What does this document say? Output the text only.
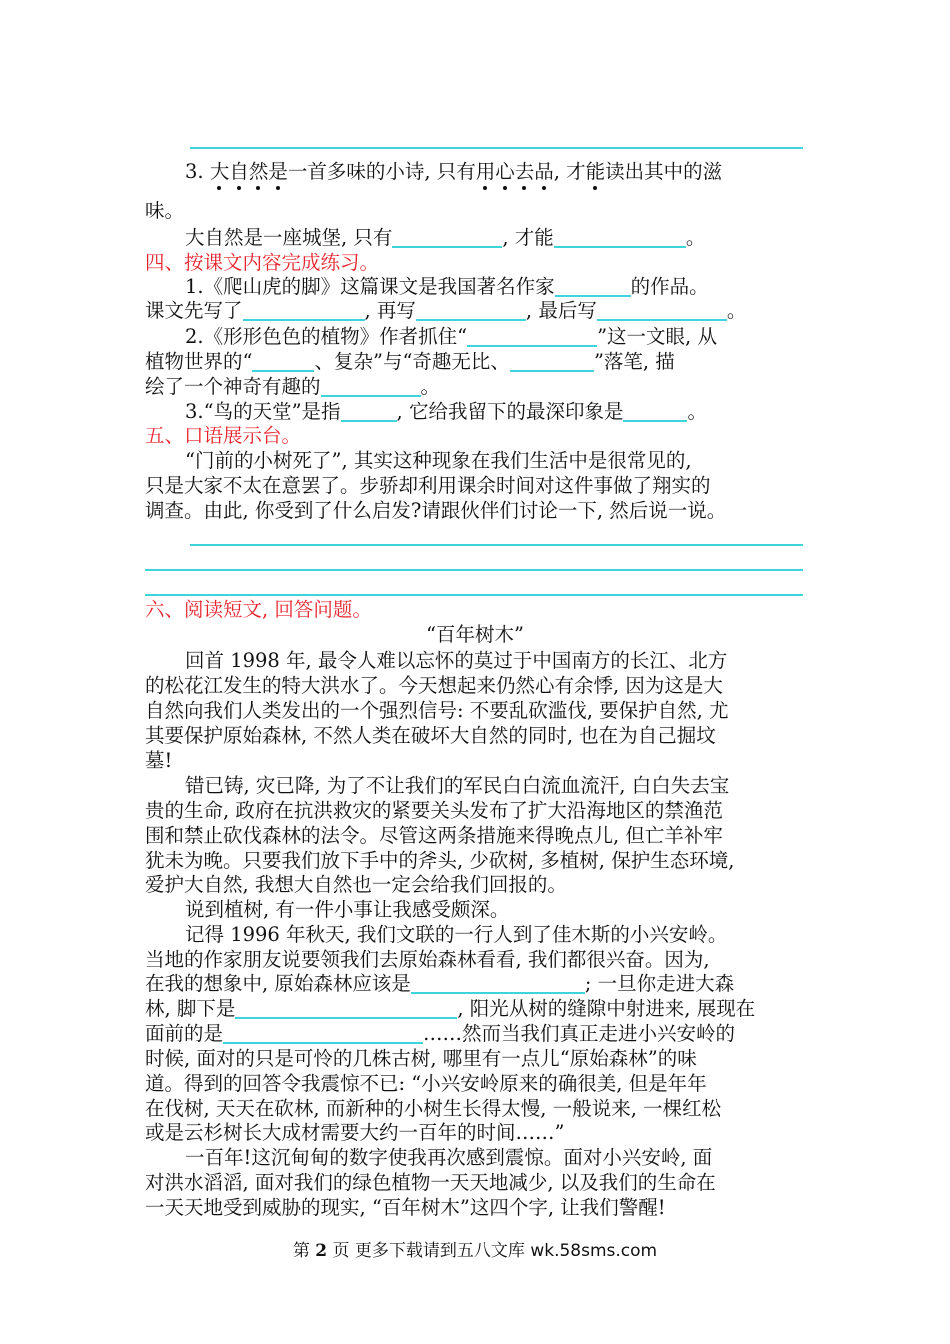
3. 大自然是
一首多味的小诗, 只有用心去品
, 才能
读出其中的滋
味。
大自然是一座城堡, 只有	, 才能	。
四、按课文内容完成练习。
1.《爬山虎的脚》这篇课文是我国著名作家	的作品。
课文先写了	, 再写	, 最后写	。
2.《形形色色的植物》作者抓住“	”这一文眼, 从
植物世界的“	、复杂”与“奇趣无比、	”落笔, 描
绘了一个神奇有趣的	。
3.“鸟的天堂”是指	, 它给我留下的最深印象是	。
五、口语展示台。
“门前的小树死了”, 其实这种现象在我们生活中是很常见的,
只是大家不太在意罢了。步骄却利用课余时间对这件事做了翔实的
调查。由此, 你受到了什么启发?请跟伙伴们讨论一下, 然后说一说。
六、阅读短文, 回答问题。
“百年树木”
回首 1998 年, 最令人难以忘怀的莫过于中国南方的长江、北方
的松花江发生的特大洪水了。今天想起来仍然心有余悸, 因为这是大
自然向我们人类发出的一个强烈信号: 不要乱砍滥伐, 要保护自然, 尤
其要保护原始森林, 不然人类在破坏大自然的同时, 也在为自己掘坟
墓!
错已铸, 灾已降, 为了不让我们的军民白白流血流汗, 白白失去宝
贵的生命, 政府在抗洪救灾的紧要关头发布了扩大沿海地区的禁渔范
围和禁止砍伐森林的法令。尽管这两条措施来得晚点儿, 但亡羊补牢
犹未为晚。只要我们放下手中的斧头, 少砍树, 多植树, 保护生态环境,
爱护大自然, 我想大自然也一定会给我们回报的。
说到植树, 有一件小事让我感受颇深。
记得 1996 年秋天, 我们文联的一行人到了佳木斯的小兴安岭。
当地的作家朋友说要领我们去原始森林看看, 我们都很兴奋。因为,
在我的想象中, 原始森林应该是	; 一旦你走进大森
林, 脚下是	, 阳光从树的缝隙中射进来, 展现在
面前的是	……然而当我们真正走进小兴安岭的
时候, 面对的只是可怜的几株古树, 哪里有一点儿“原始森林”的味
道。得到的回答令我震惊不已: “小兴安岭原来的确很美, 但是年年
在伐树, 天天在砍林, 而新种的小树生长得太慢, 一般说来, 一棵红松
或是云杉树长大成材需要大约一百年的时间……”
一百年!这沉甸甸的数字使我再次感到震惊。面对小兴安岭, 面
对洪水滔滔, 面对我们的绿色植物一天天地减少, 以及我们的生命在
一天天地受到威胁的现实, “百年树木”这四个字, 让我们警醒!
第 2 页 更多下载请到五八文库 wk.58sms.com
